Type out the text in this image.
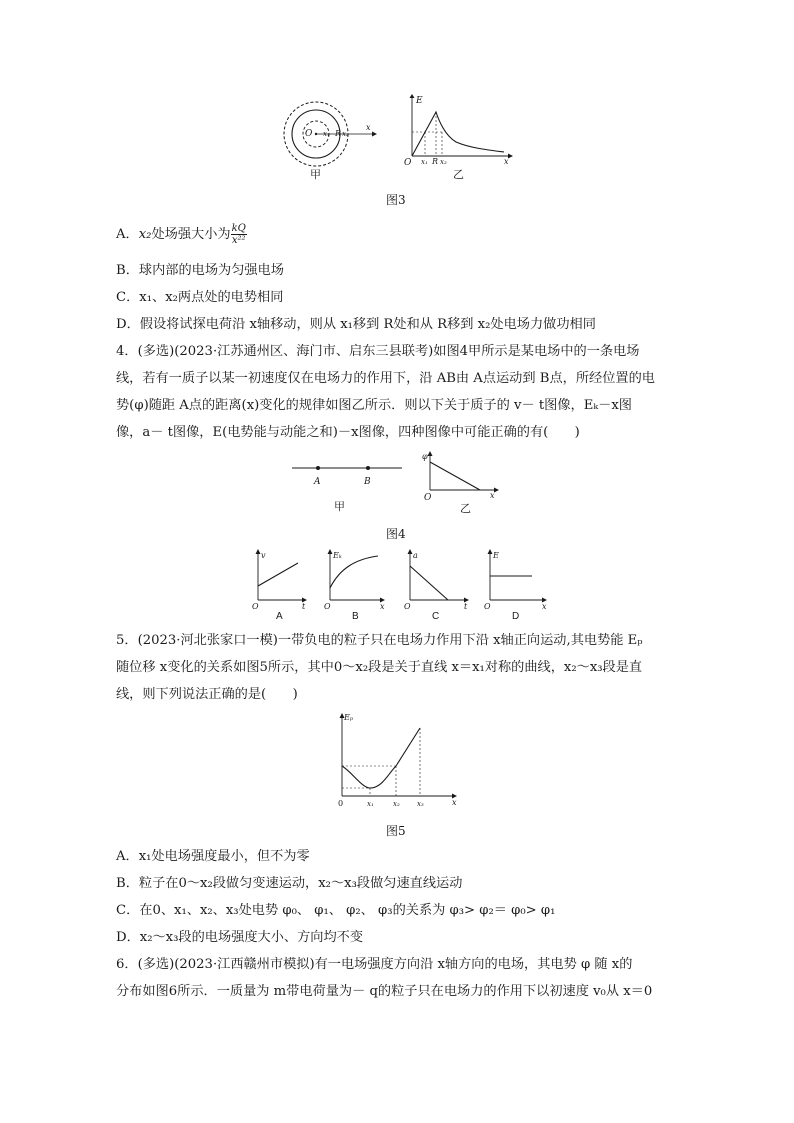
O x₁ R x₂
x
甲
E
O x₁ R x₂	x
乙
图3
A．x₂处场强大小为 $\frac{kQ}{\text{x²²}}$
B．球内部的电场为匀强电场
C．x₁、x₂两点处的电势相同
D．假设将试探电荷沿 x轴移动，则从 x₁移到 R处和从 R移到 x₂处电场力做功相同
4．(多选)(2023·江苏通州区、海门市、启东三县联考)如图4甲所示是某电场中的一条电场
线，若有一质子以某一初速度仅在电场力的作用下，沿 AB由 A点运动到 B点，所经位置的电
势(φ)随距 A点的距离(x)变化的规律如图乙所示．则以下关于质子的 v－ t图像，Eₖ－x图
像，a－ t图像，E(电势能与动能之和)－x图像，四种图像中可能正确的有(　　)
A	B
甲
φ
O	x
乙
图4
v
O	t
A
Eₖ
O	x
B
a
O	t
C
E
O	x
D
5．(2023·河北张家口一模)一带负电的粒子只在电场力作用下沿 x轴正向运动,其电势能 Eₚ
随位移 x变化的关系如图5所示，其中0～x₂段是关于直线 x＝x₁对称的曲线，x₂～x₃段是直
线，则下列说法正确的是(　　)
Eₚ
0	x₁	x₂ x₃	x
图5
A．x₁处电场强度最小，但不为零
B．粒子在0～x₂段做匀变速运动，x₂～x₃段做匀速直线运动
C．在0、x₁、x₂、x₃处电势 φ₀、 φ₁、 φ₂、 φ₃的关系为 φ₃> φ₂＝ φ₀> φ₁
D．x₂～x₃段的电场强度大小、方向均不变
6．(多选)(2023·江西赣州市模拟)有一电场强度方向沿 x轴方向的电场，其电势 φ 随 x的
分布如图6所示．一质量为 m带电荷量为－ q的粒子只在电场力的作用下以初速度 v₀从 x＝0
